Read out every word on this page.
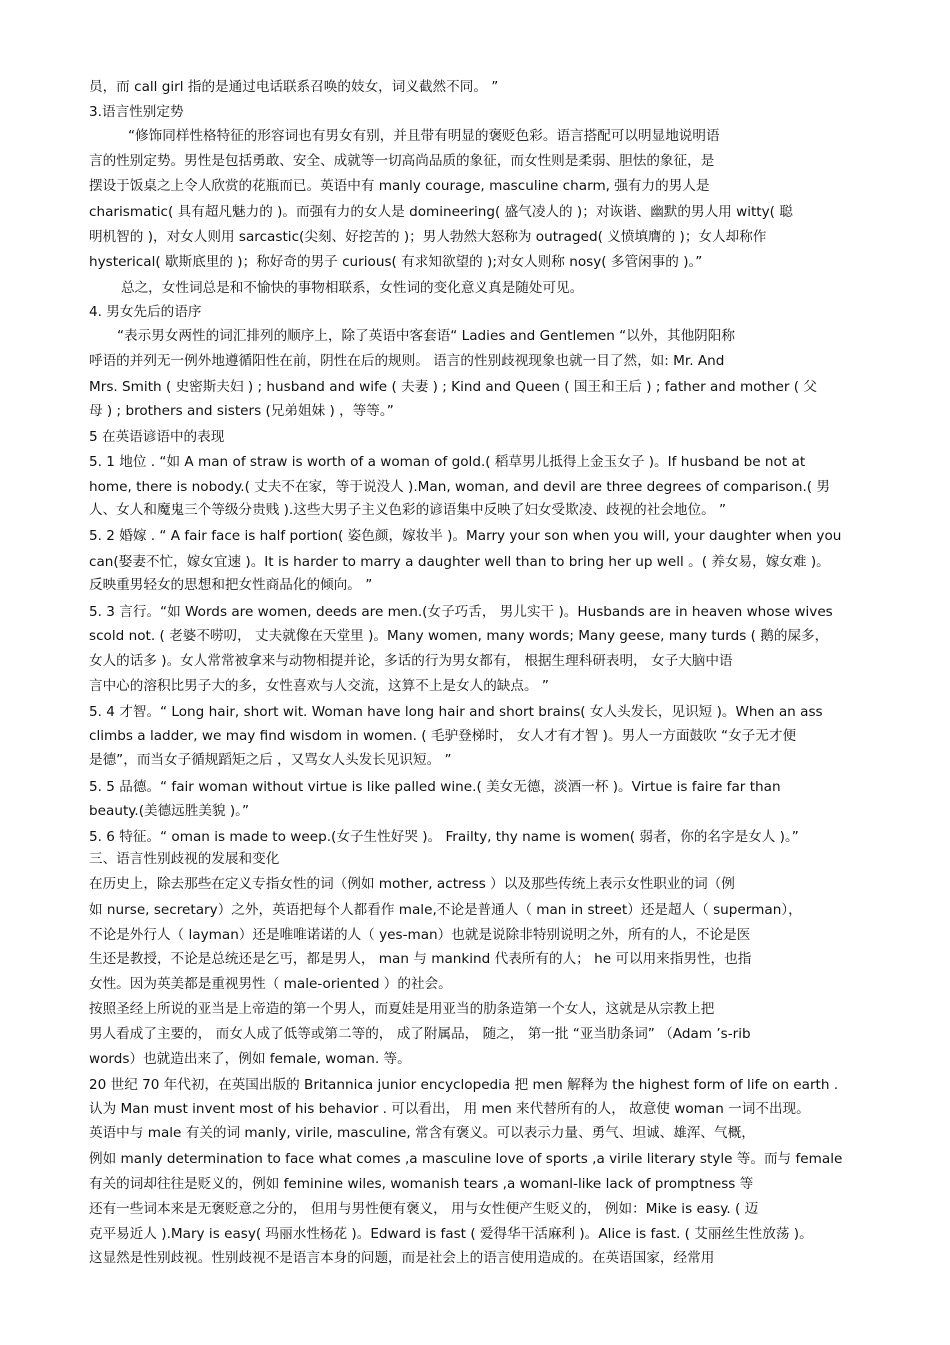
员，而 call girl 指的是通过电话联系召唤的妓女，词义截然不同。 ”
3.语言性别定势
“修饰同样性格特征的形容词也有男女有别，并且带有明显的褒贬色彩。语言搭配可以明显地说明语
言的性别定势。男性是包括勇敢、安全、成就等一切高尚品质的象征，而女性则是柔弱、胆怯的象征，是
摆设于饭桌之上令人欣赏的花瓶而已。英语中有 manly courage, masculine charm, 强有力的男人是
charismatic( 具有超凡魅力的 )。而强有力的女人是 domineering( 盛气凌人的 )；对诙谐、幽默的男人用 witty( 聪
明机智的 )，对女人则用 sarcastic(尖刻、好挖苦的 )；男人勃然大怒称为 outraged( 义愤填膺的 )；女人却称作
hysterical( 歇斯底里的 )；称好奇的男子 curious( 有求知欲望的 );对女人则称 nosy( 多管闲事的 )。”
总之，女性词总是和不愉快的事物相联系，女性词的变化意义真是随处可见。
4. 男女先后的语序
“表示男女两性的词汇排列的顺序上，除了英语中客套语“ Ladies and Gentlemen “以外，其他阴阳称
呼语的并列无一例外地遵循阳性在前，阴性在后的规则。 语言的性别歧视现象也就一目了然，如: Mr. And
Mrs. Smith ( 史密斯夫妇 ) ; husband and wife ( 夫妻 ) ; Kind and Queen ( 国王和王后 ) ; father and mother ( 父
母 ) ; brothers and sisters (兄弟姐妹 ) ，等等。”
5 在英语谚语中的表现
5. 1 地位 . “如 A man of straw is worth of a woman of gold.( 稻草男儿抵得上金玉女子 )。If husband be not at
home, there is nobody.( 丈夫不在家，等于说没人 ).Man, woman, and devil are three degrees of comparison.( 男
人、女人和魔鬼三个等级分贵贱 ).这些大男子主义色彩的谚语集中反映了妇女受欺凌、歧视的社会地位。 ”
5. 2 婚嫁 . “ A fair face is half portion( 姿色颜，嫁妆半 )。Marry your son when you will, your daughter when you
can(娶妻不忙，嫁女宜速 )。It is harder to marry a daughter well than to bring her up well 。( 养女易，嫁女难 )。
反映重男轻女的思想和把女性商品化的倾向。 ”
5. 3 言行。“如 Words are women, deeds are men.(女子巧舌， 男儿实干 )。Husbands are in heaven whose wives
scold not. ( 老婆不唠叨， 丈夫就像在天堂里 )。Many women, many words; Many geese, many turds ( 鹅的屎多，
女人的话多 )。女人常常被拿来与动物相提并论，多话的行为男女都有， 根据生理科研表明， 女子大脑中语
言中心的溶积比男子大的多，女性喜欢与人交流，这算不上是女人的缺点。 ”
5. 4 才智。“ Long hair, short wit. Woman have long hair and short brains( 女人头发长，见识短 )。When an ass
climbs a ladder, we may find wisdom in women. ( 毛驴登梯时， 女人才有才智 )。男人一方面鼓吹 “女子无才便
是德”，而当女子循规蹈矩之后 ，又骂女人头发长见识短。 ”
5. 5 品德。“ fair woman without virtue is like palled wine.( 美女无德，淡酒一杯 )。Virtue is faire far than
beauty.(美德远胜美貌 )。”
5. 6 特征。“ oman is made to weep.(女子生性好哭 )。 Frailty, thy name is women( 弱者，你的名字是女人 )。”
三、语言性别歧视的发展和变化
在历史上，除去那些在定义专指女性的词（例如 mother, actress ）以及那些传统上表示女性职业的词（例
如 nurse, secretary）之外，英语把每个人都看作 male,不论是普通人（ man in street）还是超人（ superman），
不论是外行人（ layman）还是唯唯诺诺的人（ yes-man）也就是说除非特别说明之外，所有的人，不论是医
生还是教授，不论是总统还是乞丐，都是男人， man 与 mankind 代表所有的人； he 可以用来指男性，也指
女性。因为英美都是重视男性（ male-oriented ）的社会。
按照圣经上所说的亚当是上帝造的第一个男人，而夏娃是用亚当的肋条造第一个女人，这就是从宗教上把
男人看成了主要的， 而女人成了低等或第二等的， 成了附属品， 随之， 第一批 “亚当肋条词” （Adam ’s-rib
words）也就造出来了，例如 female, woman. 等。
20 世纪 70 年代初，在英国出版的 Britannica junior encyclopedia 把 men 解释为 the highest form of life on earth .
认为 Man must invent most of his behavior . 可以看出， 用 men 来代替所有的人， 故意使 woman 一词不出现。
英语中与 male 有关的词 manly, virile, masculine, 常含有褒义。可以表示力量、勇气、坦诚、雄浑、气概，
例如 manly determination to face what comes ,a masculine love of sports ,a virile literary style 等。而与 female
有关的词却往往是贬义的，例如 feminine wiles, womanish tears ,a womanl-like lack of promptness 等
还有一些词本来是无褒贬意之分的， 但用与男性便有褒义， 用与女性便产生贬义的， 例如：Mike is easy. ( 迈
克平易近人 ).Mary is easy( 玛丽水性杨花 )。Edward is fast ( 爱得华干活麻利 )。Alice is fast. ( 艾丽丝生性放荡 )。
这显然是性别歧视。性别歧视不是语言本身的问题，而是社会上的语言使用造成的。在英语国家，经常用
